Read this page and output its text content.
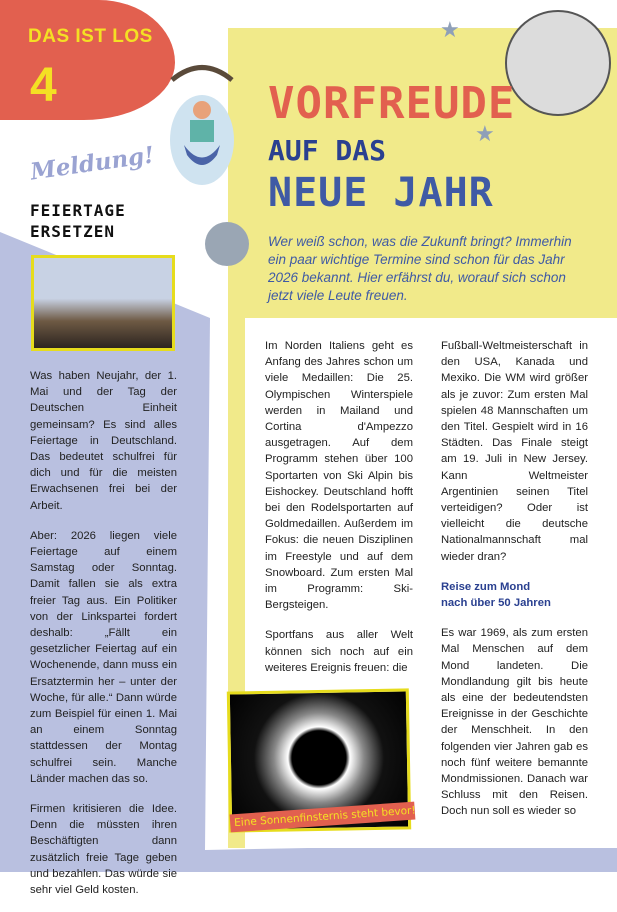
DAS IST LOS
4
★
★
Meldung!
FEIERTAGE
ERSETZEN

Was haben Neujahr, der 1. Mai und der Tag der Deutschen Einheit gemeinsam? Es sind alles Feiertage in Deutschland. Das bedeutet schulfrei für dich und für die meisten Erwachsenen frei bei der Arbeit.

Aber: 2026 liegen viele Feiertage auf einem Samstag oder Sonntag. Damit fallen sie als extra freier Tag aus. Ein Politiker von der Linkspartei fordert deshalb: „Fällt ein gesetzlicher Feiertag auf ein Wochenende, dann muss ein Ersatztermin her – unter der Woche, für alle.“ Dann würde zum Beispiel für einen 1. Mai an einem Sonntag stattdessen der Montag schulfrei sein. Manche Länder machen das so.

Firmen kritisieren die Idee. Denn die müssten ihren Beschäftigten dann zusätzlich freie Tage geben und bezahlen. Das würde sie sehr viel Geld kosten.

VORFREUDE
AUF DAS
NEUE JAHR
Wer weiß schon, was die Zukunft bringt? Immerhin ein paar wichtige Termine sind schon für das Jahr 2026 bekannt. Hier erfährst du, worauf sich schon jetzt viele Leute freuen.

Im Norden Italiens geht es Anfang des Jahres schon um viele Medaillen: Die 25. Olympischen Winterspiele werden in Mailand und Cortina d'Ampezzo ausgetragen. Auf dem Programm stehen über 100 Sportarten von Ski Alpin bis Eishockey. Deutschland hofft bei den Rodelsportarten auf Goldmedaillen. Außerdem im Fokus: die neuen Disziplinen im Freestyle und auf dem Snowboard. Zum ersten Mal im Programm: Ski-Bergsteigen.

Sportfans aus aller Welt können sich noch auf ein weiteres Ereignis freuen: die

Fußball-Weltmeisterschaft in den USA, Kanada und Mexiko. Die WM wird größer als je zuvor: Zum ersten Mal spielen 48 Mannschaften um den Titel. Gespielt wird in 16 Städten. Das Finale steigt am 19. Juli in New Jersey. Kann Weltmeister Argentinien seinen Titel verteidigen? Oder ist vielleicht die deutsche Nationalmannschaft mal wieder dran?

Reise zum Mond
nach über 50 Jahren

Es war 1969, als zum ersten Mal Menschen auf dem Mond landeten. Die Mondlandung gilt bis heute als eine der bedeutendsten Ereignisse in der Geschichte der Menschheit. In den folgenden vier Jahren gab es noch fünf weitere bemannte Mondmissionen. Danach war Schluss mit den Reisen. Doch nun soll es wieder so

Eine Sonnenfinsternis steht bevor!
